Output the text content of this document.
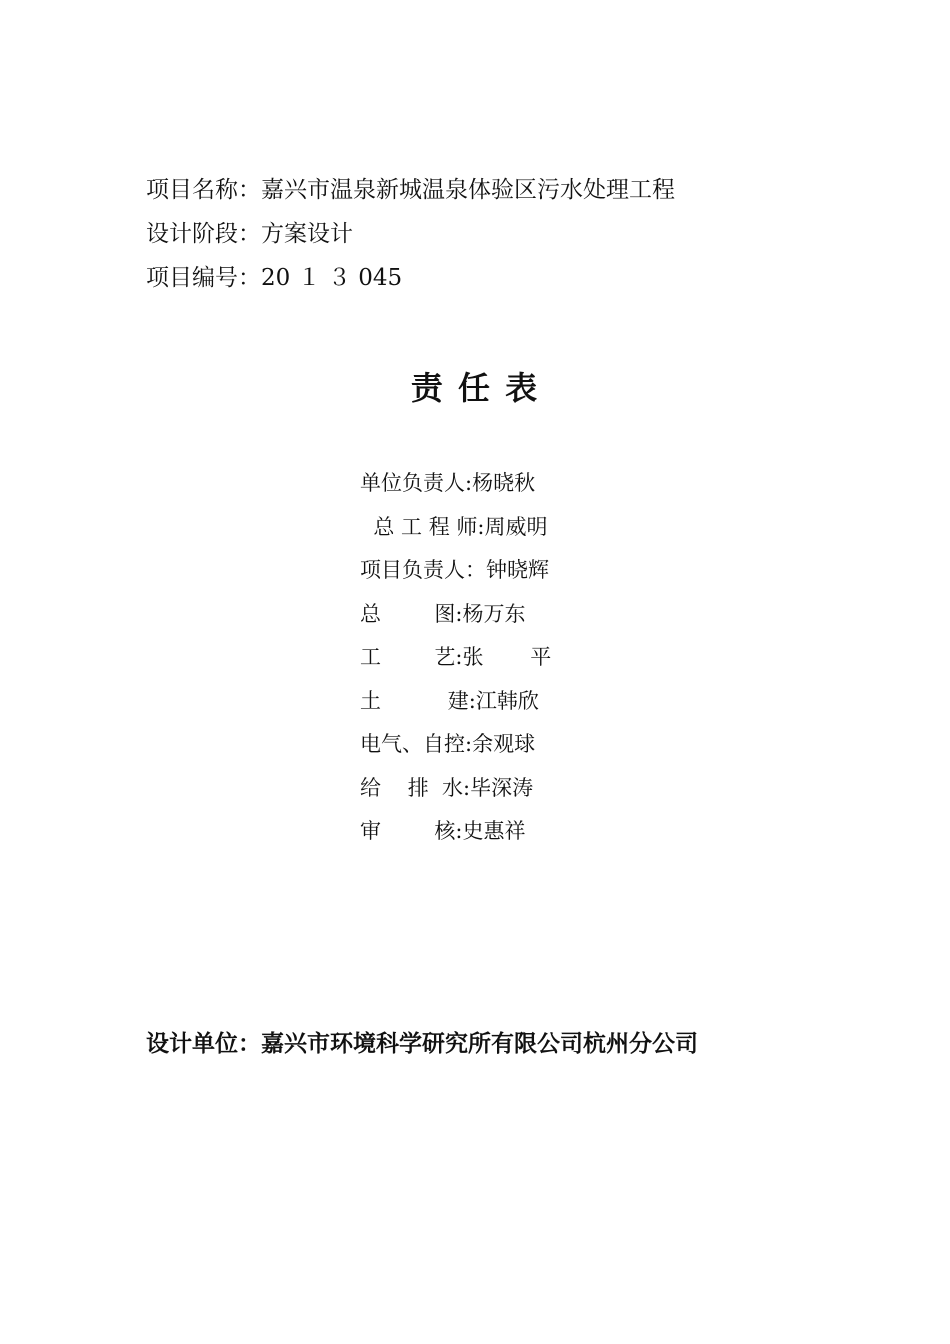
项目名称：嘉兴市温泉新城温泉体验区污水处理工程
设计阶段：方案设计
项目编号：20 １ ３ 045
责 任 表
单位负责人:杨晓秋
总 工 程 师:周威明
项目负责人：钟晓辉
总        图:杨万东
工        艺:张       平
土          建:江韩欣
电气、自控:余观球
给    排  水:毕深涛
审        核:史惠祥
设计单位：嘉兴市环境科学研究所有限公司杭州分公司
